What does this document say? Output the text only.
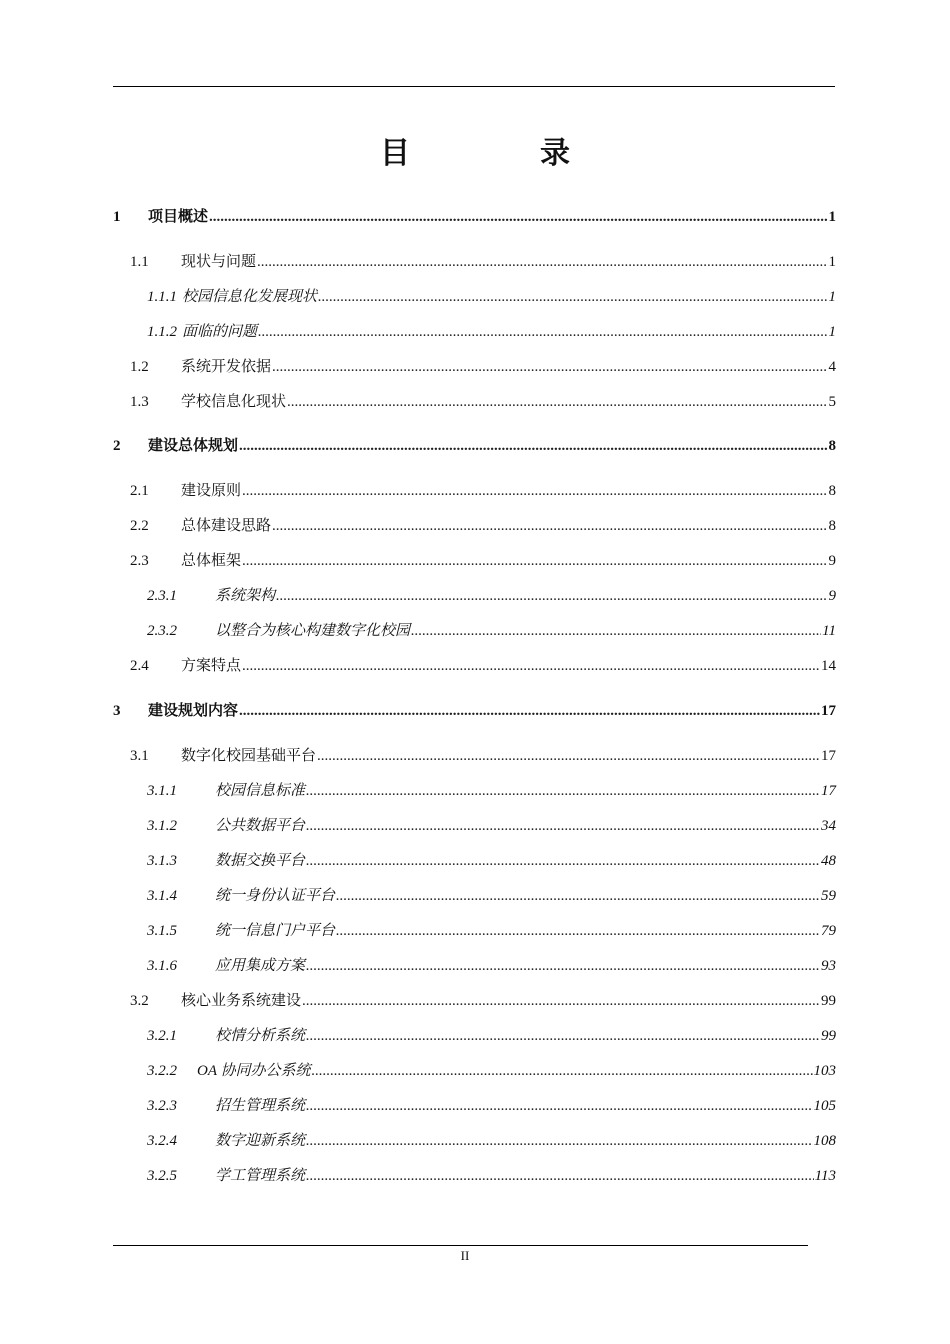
目　录
1	项目概述 .....	1
1.1	现状与问题 .....	1
1.1.1 校园信息化发展现状 .....	1
1.1.2 面临的问题 .....	1
1.2	系统开发依据 .....	4
1.3	学校信息化现状 .....	5
2	建设总体规划 .....	8
2.1	建设原则 .....	8
2.2	总体建设思路 .....	8
2.3	总体框架 .....	9
2.3.1	系统架构 .....	9
2.3.2	以整合为核心构建数字化校园 .....	11
2.4	方案特点 .....	14
3	建设规划内容 .....	17
3.1	数字化校园基础平台 .....	17
3.1.1	校园信息标准 .....	17
3.1.2	公共数据平台 .....	34
3.1.3	数据交换平台 .....	48
3.1.4	统一身份认证平台 .....	59
3.1.5	统一信息门户平台 .....	79
3.1.6	应用集成方案 .....	93
3.2	核心业务系统建设 .....	99
3.2.1	校情分析系统 .....	99
3.2.2	OA 协同办公系统 .....	103
3.2.3	招生管理系统 .....	105
3.2.4	数字迎新系统 .....	108
3.2.5	学工管理系统 .....	113
II
